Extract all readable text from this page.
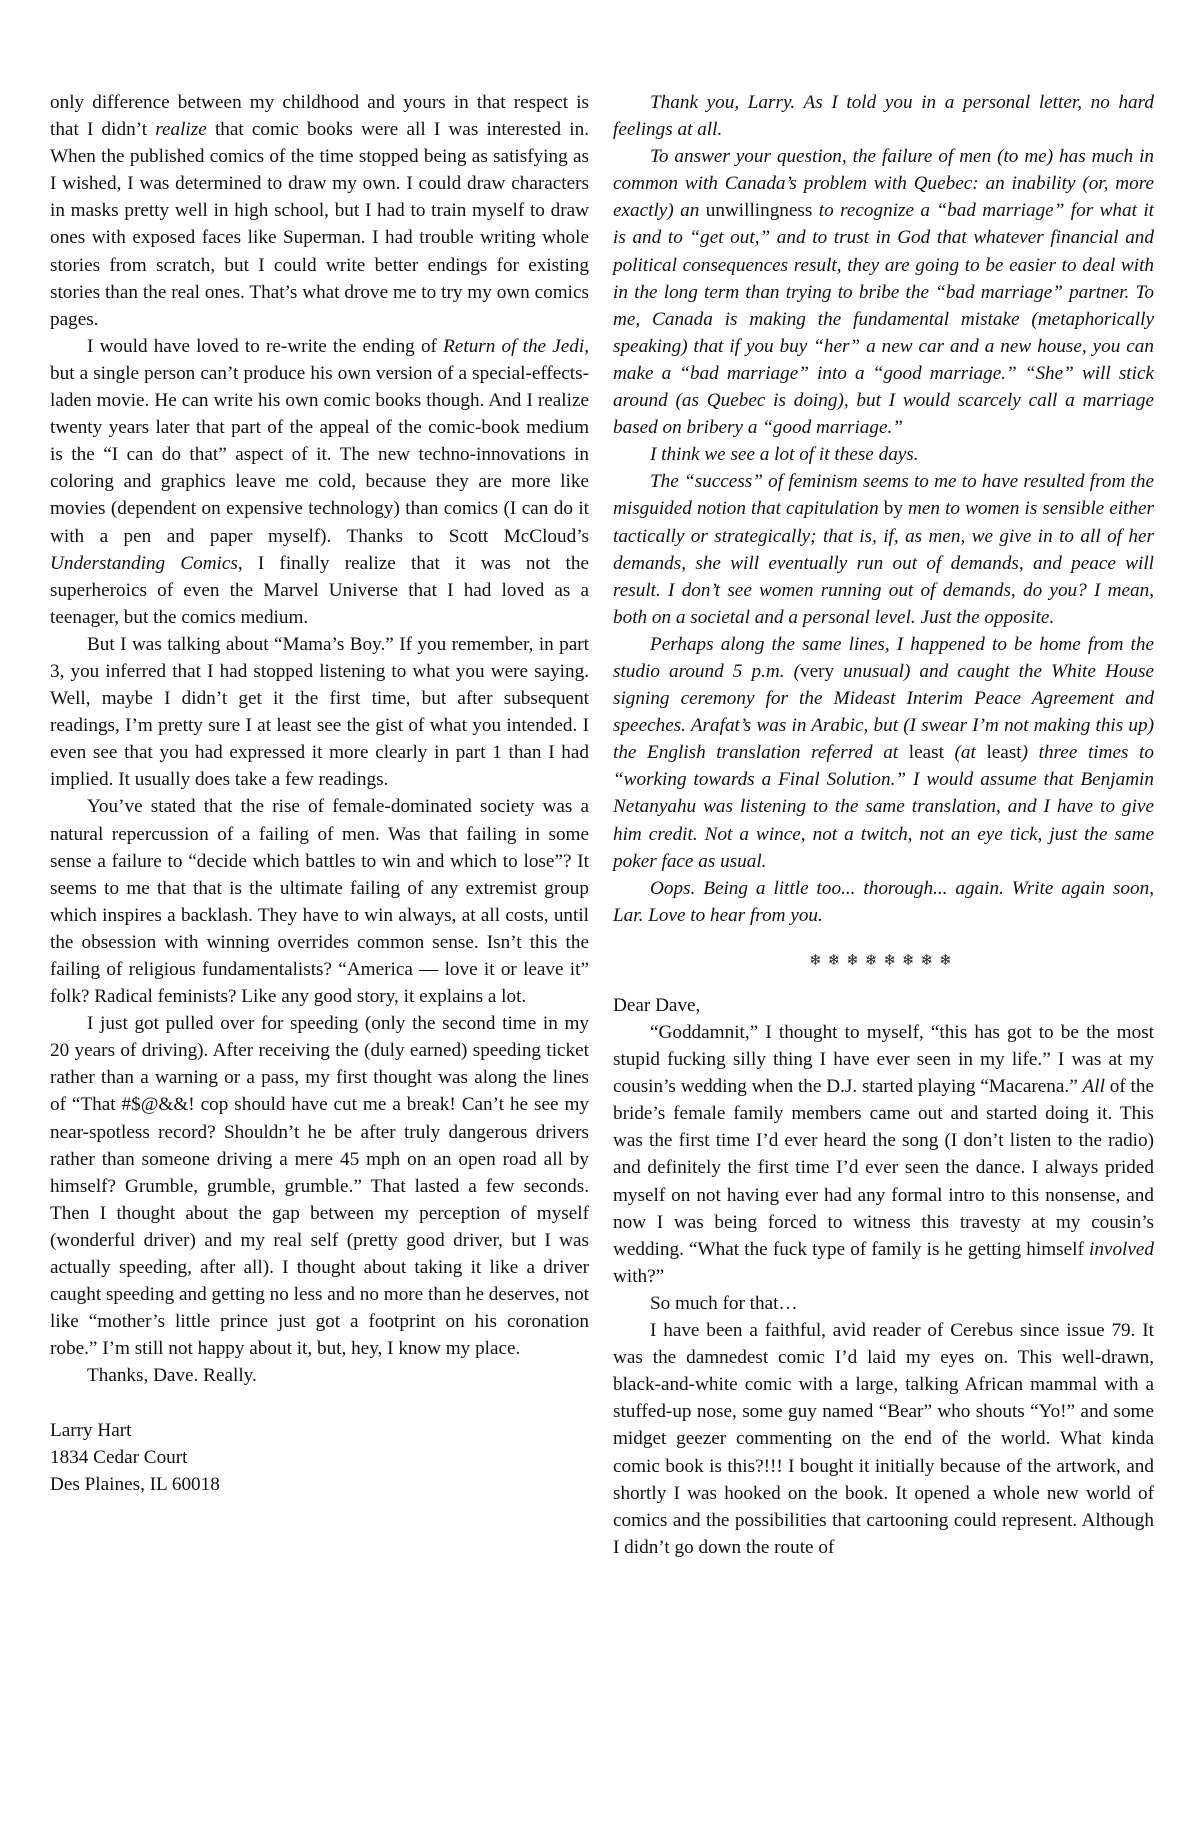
only difference between my childhood and yours in that respect is that I didn’t realize that comic books were all I was interested in. When the published comics of the time stopped being as satisfying as I wished, I was determined to draw my own. I could draw characters in masks pretty well in high school, but I had to train myself to draw ones with exposed faces like Superman. I had trouble writing whole stories from scratch, but I could write better endings for existing stories than the real ones. That’s what drove me to try my own comics pages.

I would have loved to re-write the ending of Return of the Jedi, but a single person can’t produce his own version of a special-effects-laden movie. He can write his own comic books though. And I realize twenty years later that part of the appeal of the comic-book medium is the “I can do that” aspect of it. The new techno-innovations in coloring and graphics leave me cold, because they are more like movies (dependent on expensive technology) than comics (I can do it with a pen and paper myself). Thanks to Scott McCloud’s Understanding Comics, I finally realize that it was not the superheroics of even the Marvel Universe that I had loved as a teenager, but the comics medium.

But I was talking about “Mama’s Boy.” If you remember, in part 3, you inferred that I had stopped listening to what you were saying. Well, maybe I didn’t get it the first time, but after subsequent readings, I’m pretty sure I at least see the gist of what you intended. I even see that you had expressed it more clearly in part 1 than I had implied. It usually does take a few readings.

You’ve stated that the rise of female-dominated society was a natural repercussion of a failing of men. Was that failing in some sense a failure to “decide which battles to win and which to lose”? It seems to me that that is the ultimate failing of any extremist group which inspires a backlash. They have to win always, at all costs, until the obsession with winning overrides common sense. Isn’t this the failing of religious fundamentalists? “America — love it or leave it” folk? Radical feminists? Like any good story, it explains a lot.

I just got pulled over for speeding (only the second time in my 20 years of driving). After receiving the (duly earned) speeding ticket rather than a warning or a pass, my first thought was along the lines of “That #$@&&! cop should have cut me a break! Can’t he see my near-spotless record? Shouldn’t he be after truly dangerous drivers rather than someone driving a mere 45 mph on an open road all by himself? Grumble, grumble, grumble.” That lasted a few seconds. Then I thought about the gap between my perception of myself (wonderful driver) and my real self (pretty good driver, but I was actually speeding, after all). I thought about taking it like a driver caught speeding and getting no less and no more than he deserves, not like “mother’s little prince just got a footprint on his coronation robe.” I’m still not happy about it, but, hey, I know my place.

Thanks, Dave. Really.

Larry Hart
1834 Cedar Court
Des Plaines, IL 60018

Thank you, Larry. As I told you in a personal letter, no hard feelings at all.

To answer your question, the failure of men (to me) has much in common with Canada’s problem with Quebec: an inability (or, more exactly) an unwillingness to recognize a “bad marriage” for what it is and to “get out,” and to trust in God that whatever financial and political consequences result, they are going to be easier to deal with in the long term than trying to bribe the “bad marriage” partner. To me, Canada is making the fundamental mistake (metaphorically speaking) that if you buy “her” a new car and a new house, you can make a “bad marriage” into a “good marriage.” “She” will stick around (as Quebec is doing), but I would scarcely call a marriage based on bribery a “good marriage.”

I think we see a lot of it these days.

The “success” of feminism seems to me to have resulted from the misguided notion that capitulation by men to women is sensible either tactically or strategically; that is, if, as men, we give in to all of her demands, she will eventually run out of demands, and peace will result. I don’t see women running out of demands, do you? I mean, both on a societal and a personal level. Just the opposite.

Perhaps along the same lines, I happened to be home from the studio around 5 p.m. (very unusual) and caught the White House signing ceremony for the Mideast Interim Peace Agreement and speeches. Arafat’s was in Arabic, but (I swear I’m not making this up) the English translation referred at least (at least) three times to “working towards a Final Solution.” I would assume that Benjamin Netanyahu was listening to the same translation, and I have to give him credit. Not a wince, not a twitch, not an eye tick, just the same poker face as usual.

Oops. Being a little too... thorough... again. Write again soon, Lar. Love to hear from you.

❄❄❄❄❄❄❄❄

Dear Dave,

“Goddamnit,” I thought to myself, “this has got to be the most stupid fucking silly thing I have ever seen in my life.” I was at my cousin’s wedding when the D.J. started playing “Macarena.” All of the bride’s female family members came out and started doing it. This was the first time I’d ever heard the song (I don’t listen to the radio) and definitely the first time I’d ever seen the dance. I always prided myself on not having ever had any formal intro to this nonsense, and now I was being forced to witness this travesty at my cousin’s wedding. “What the fuck type of family is he getting himself involved with?”

So much for that…

I have been a faithful, avid reader of Cerebus since issue 79. It was the damnedest comic I’d laid my eyes on. This well-drawn, black-and-white comic with a large, talking African mammal with a stuffed-up nose, some guy named “Bear” who shouts “Yo!” and some midget geezer commenting on the end of the world. What kinda comic book is this?!!! I bought it initially because of the artwork, and shortly I was hooked on the book. It opened a whole new world of comics and the possibilities that cartooning could represent. Although I didn’t go down the route of
